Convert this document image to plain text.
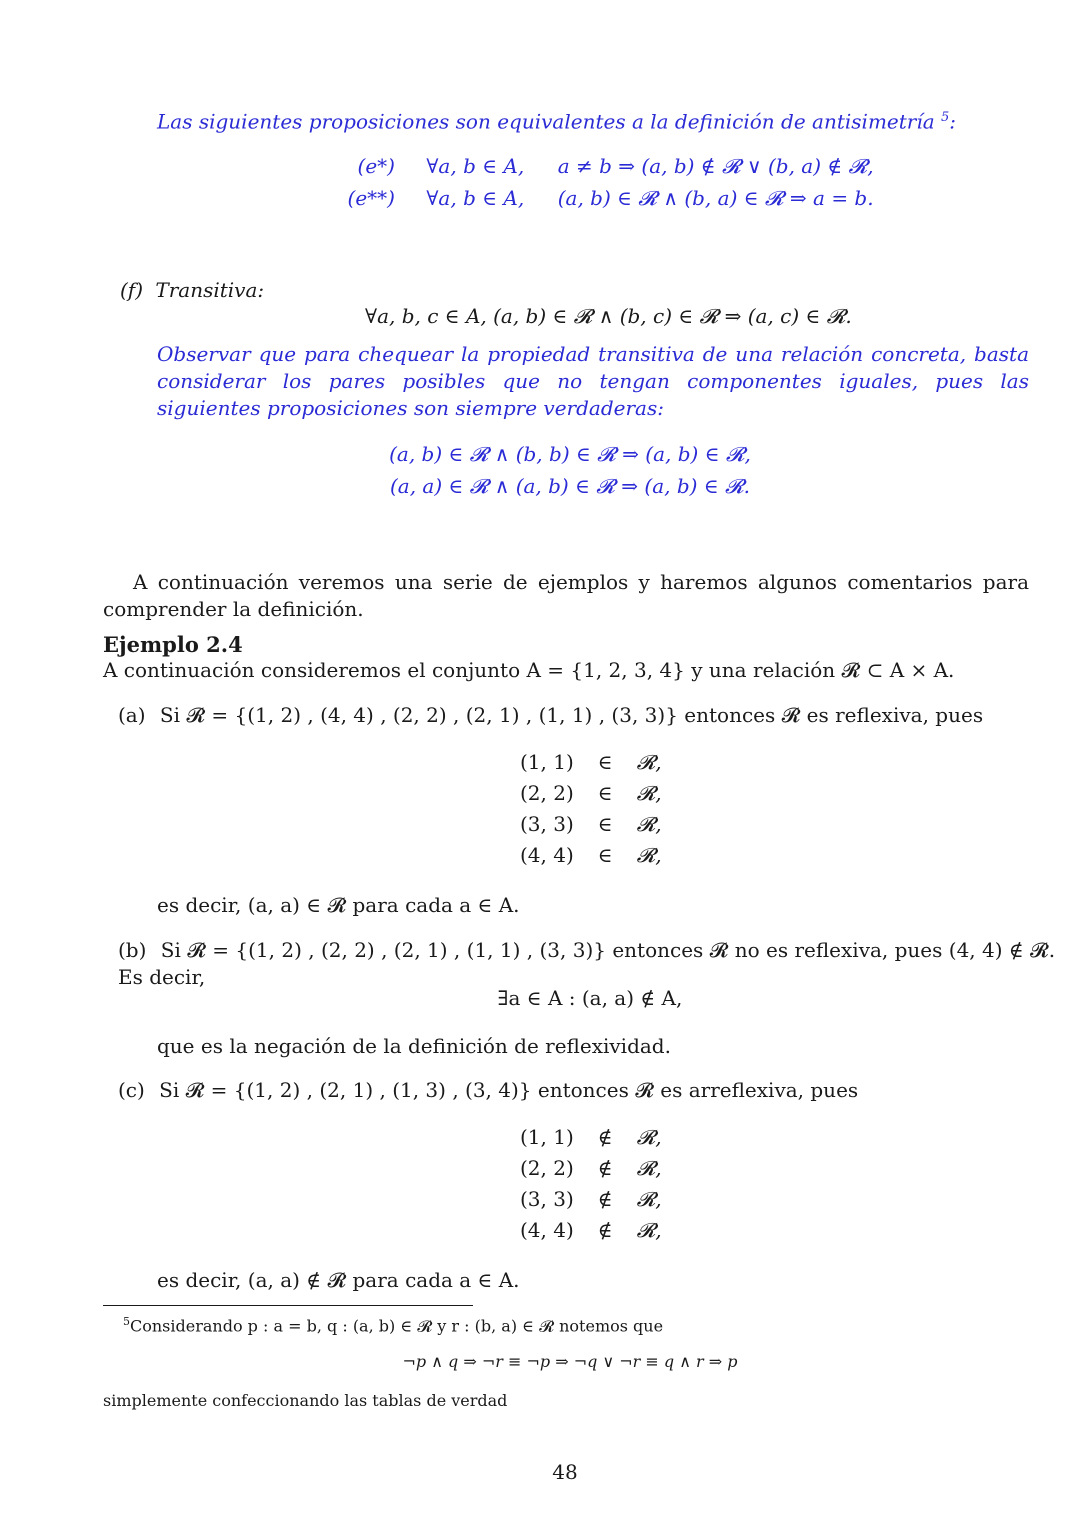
Las siguientes proposiciones son equivalentes a la definición de antisimetría $^5$:

(e*) ∀a, b ∈ A, a ≠ b ⇒ (a, b) ∉ 𝓡 ∨ (b, a) ∉ 𝓡,
(e**) ∀a, b ∈ A, (a, b) ∈ 𝓡 ∧ (b, a) ∈ 𝓡 ⇒ a = b.
(f) Transitiva:
∀a, b, c ∈ A, (a, b) ∈ 𝓡 ∧ (b, c) ∈ 𝓡 ⇒ (a, c) ∈ 𝓡.

Observar que para chequear la propiedad transitiva de una relación concreta, basta considerar los pares posibles que no tengan componentes iguales, pues las siguientes proposiciones son siempre verdaderas:

(a, b) ∈ 𝓡 ∧ (b, b) ∈ 𝓡 ⇒ (a, b) ∈ 𝓡,
(a, a) ∈ 𝓡 ∧ (a, b) ∈ 𝓡 ⇒ (a, b) ∈ 𝓡.

A continuación veremos una serie de ejemplos y haremos algunos comentarios para comprender la definición.

Ejemplo 2.4

A continuación consideremos el conjunto A = {1, 2, 3, 4} y una relación 𝓡 ⊂ A × A.

(a) Si 𝓡 = {(1, 2) , (4, 4) , (2, 2) , (2, 1) , (1, 1) , (3, 3)} entonces 𝓡 es reflexiva, pues
(1, 1)	∈	𝓡,
(2, 2)	∈	𝓡,
(3, 3)	∈	𝓡,
(4, 4)	∈	𝓡,

es decir, (a, a) ∈ 𝓡 para cada a ∈ A.

(b) Si 𝓡 = {(1, 2) , (2, 2) , (2, 1) , (1, 1) , (3, 3)} entonces 𝓡 no es reflexiva, pues (4, 4) ∉ 𝓡. Es decir,
∃a ∈ A : (a, a) ∉ A,

que es la negación de la definición de reflexividad.

(c) Si 𝓡 = {(1, 2) , (2, 1) , (1, 3) , (3, 4)} entonces 𝓡 es arreflexiva, pues
(1, 1)	∉	𝓡,
(2, 2)	∉	𝓡,
(3, 3)	∉	𝓡,
(4, 4)	∉	𝓡,

es decir, (a, a) ∉ 𝓡 para cada a ∈ A.

$^5$Considerando p : a = b, q : (a, b) ∈ 𝓡 y r : (b, a) ∈ 𝓡 notemos que

¬p ∧ q ⇒ ¬r ≡ ¬p ⇒ ¬q ∨ ¬r ≡ q ∧ r ⇒ p

simplemente confeccionando las tablas de verdad

48
